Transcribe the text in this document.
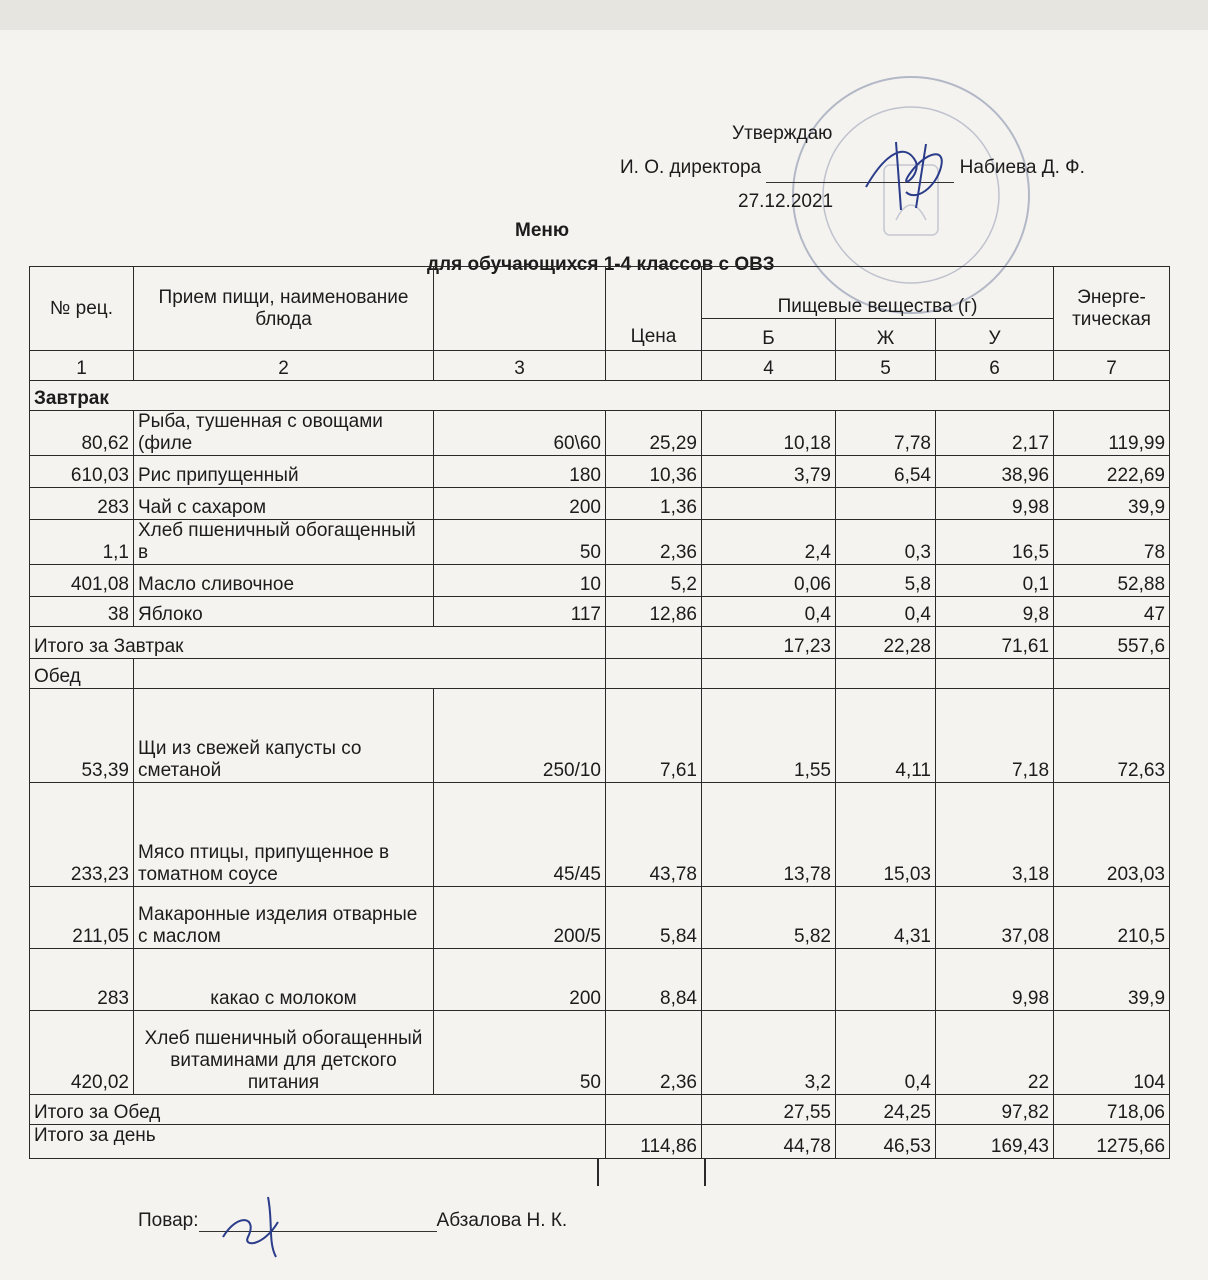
Утверждаю
И. О. директора	Набиева Д. Ф.
27.12.2021
Меню
для обучающихся 1-4 классов с ОВЗ
№ рец.	Прием пищи, наименование блюда		Цена	Пищевые вещества (г)			Энерге-тическая
				Б	Ж	У	
1	2	3		4	5	6	7
Завтрак							
80,62	Рыба, тушенная с овощами (филе	60\60	25,29	10,18	7,78	2,17	119,99
610,03	Рис припущенный	180	10,36	3,79	6,54	38,96	222,69
283	Чай с сахаром	200	1,36			9,98	39,9
1,1	Хлеб пшеничный обогащенный в	50	2,36	2,4	0,3	16,5	78
401,08	Масло сливочное	10	5,2	0,06	5,8	0,1	52,88
38	Яблоко	117	12,86	0,4	0,4	9,8	47
Итого за Завтрак				17,23	22,28	71,61	557,6
Обед							
53,39	Щи из свежей капусты со сметаной	250/10	7,61	1,55	4,11	7,18	72,63
233,23	Мясо птицы, припущенное в томатном соусе	45/45	43,78	13,78	15,03	3,18	203,03
211,05	Макаронные изделия отварные с маслом	200/5	5,84	5,82	4,31	37,08	210,5
283	какао с молоком	200	8,84			9,98	39,9
420,02	Хлеб пшеничный обогащенный витаминами для детского питания	50	2,36	3,2	0,4	22	104
Итого за Обед				27,55	24,25	97,82	718,06
Итого за день			114,86	44,78	46,53	169,43	1275,66
Повар:	Абзалова Н. К.
